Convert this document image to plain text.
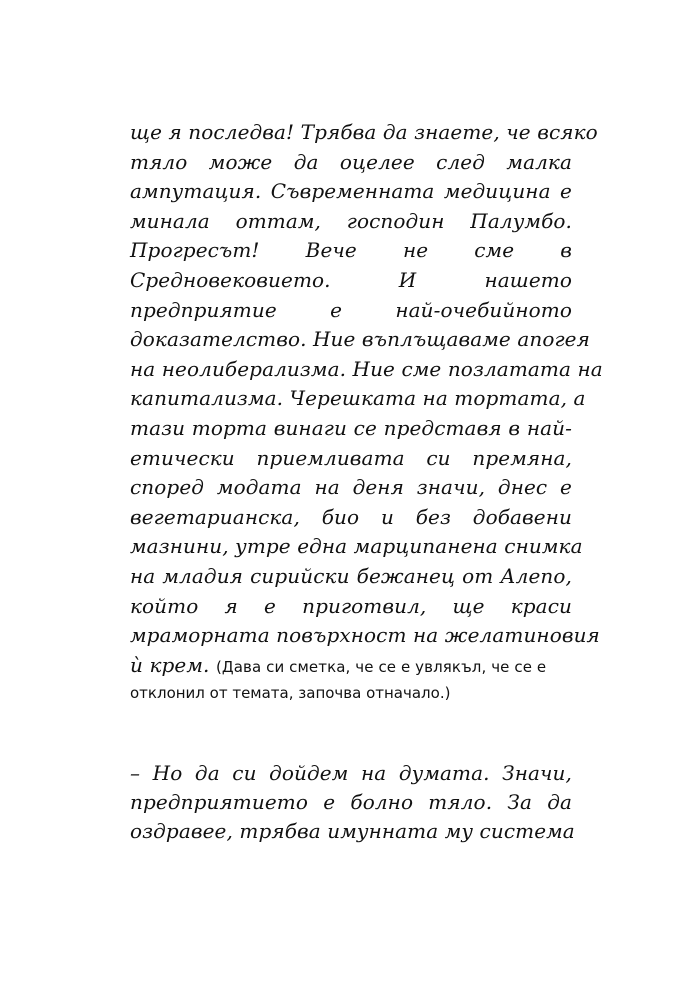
ще я последва! Трябва да знаете, че всяко
тяло може да оцелее след малка
ампутация. Съвременната медицина е
минала оттам, господин Палумбо.
Прогресът! Вече не сме в
Средновековието. И нашето
предприятие е най-очебийното
доказателство. Ние въплъщаваме апогея
на неолиберализма. Ние сме позлатата на
капитализма. Черешката на тортата, а
тази торта винаги се представя в най-
етически приемливата си премяна,
според модата на деня значи, днес е
вегетарианска, био и без добавени
мазнини, утре една марципанена снимка
на младия сирийски бежанец от Алепо,
който я е приготвил, ще краси
мраморната повърхност на желатиновия
ѝ крем. (Дава си сметка, че се е увлякъл, че се е
отклонил от темата, започва отначало.)
– Но да си дойдем на думата. Значи,
предприятието е болно тяло. За да
оздравее, трябва имунната му система
